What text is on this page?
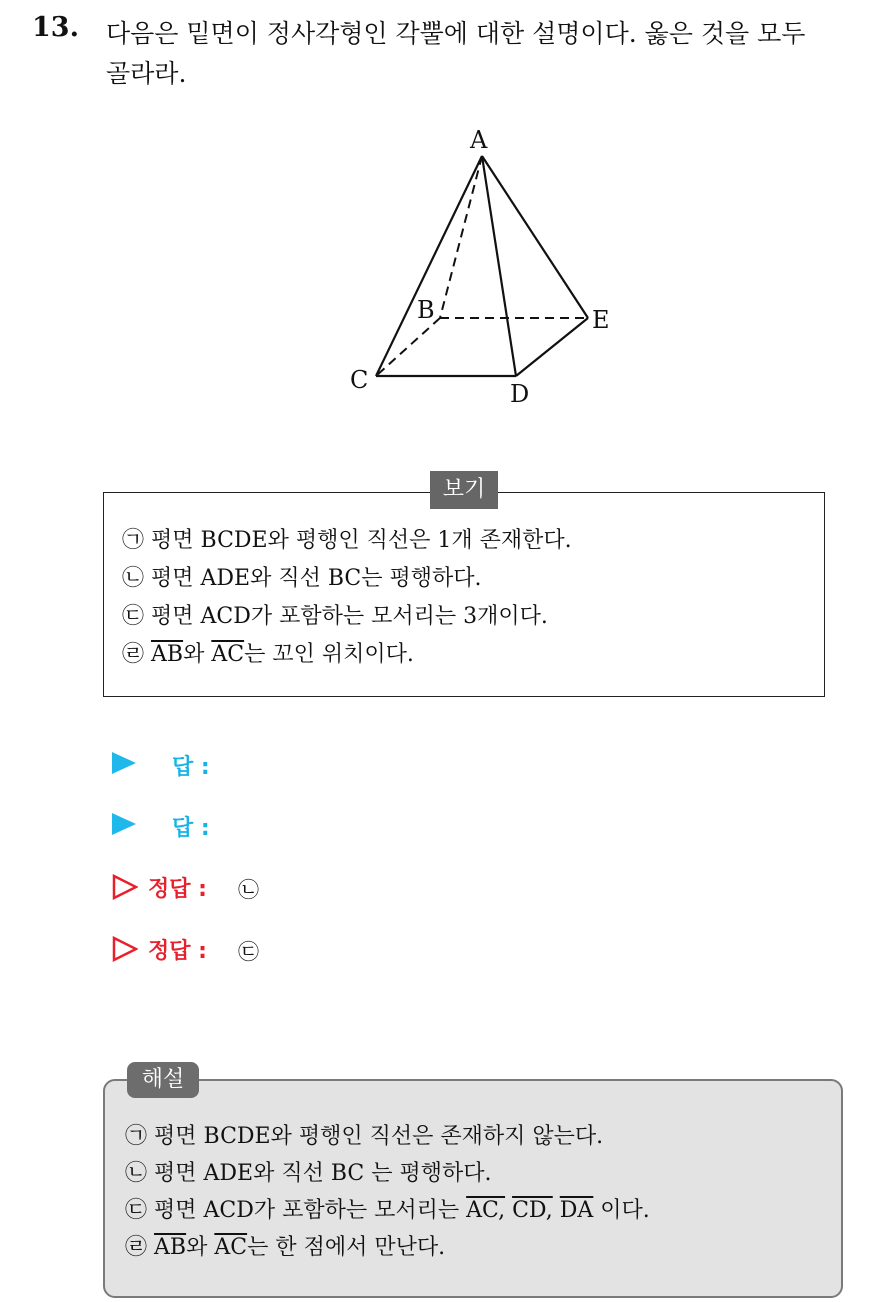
13. 다음은 밑면이 정사각형인 각뿔에 대한 설명이다. 옳은 것을 모두
골라라.
A
B
C	D
E
보기
㉠ 평면 BCDE와 평행인 직선은 1개 존재한다.
㉡ 평면 ADE와 직선 BC는 평행하다.
㉢ 평면 ACD가 포함하는 모서리는 3개이다.
㉣ $\overline{AB}$와 $\overline{AC}$는 꼬인 위치이다.
답 :
답 :
정답 : ㉡
정답 : ㉢
해설
㉠ 평면 BCDE와 평행인 직선은 존재하지 않는다.
㉡ 평면 ADE와 직선 BC 는 평행하다.
㉢ 평면 ACD가 포함하는 모서리는 AC, CD, $\overline{DA}$ 이다.
㉣ $\overline{AB}$와 $\overline{AC}$는 한 점에서 만난다.
